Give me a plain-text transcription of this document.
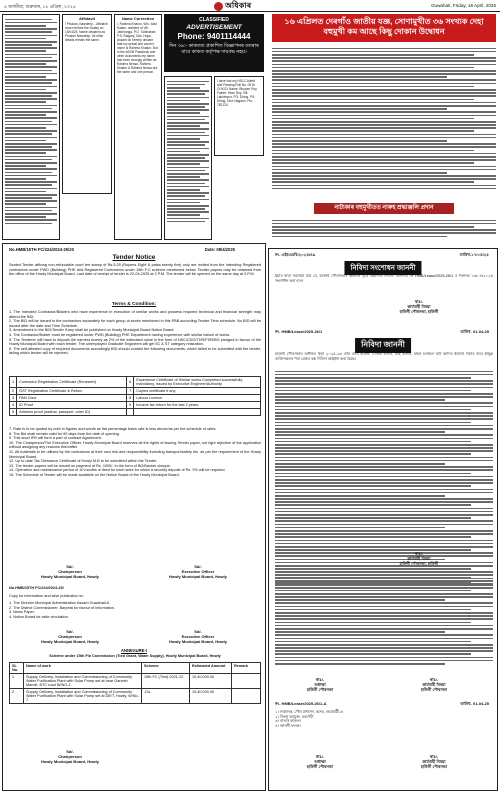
৪ অসমীয়া, শুক্ৰবাৰ, ১৮ এপ্ৰিল, ২০২৫	অধিকাৰ	Guwahati, Friday, 18 April, 2025
Affidavit
I Phukan, Nawdeep... Affidavit sworn before the Notary on 15/04/25. Name declared as Phukan Nawdeep. All other details remain the same.
Name Correction
I, Rahima Khatun, W/o. Abul Kalam, resident of Vill- Jarbhanga, P.O. Tolbhabari, P.S. Raiganj, Dist. Hojai, Assam do hereby declare that my actual and correct name is Rahima Khatun, But in the ADVB Passbook and other documents my name has been wrongly written as Rahima Nessa. Rahima Khatun & Rahima Nessa are the same and one person.
CLASSIFIED
ADVERTISEMENT
Phone: 9401114444
দিন ৩৯:- কাকতত প্ৰকাশিত বিজ্ঞাপনৰ বতৰাৰ বাবে কাকত কৰ্তৃপক্ষ দায়বদ্ধ নহয়।
I have lost my HSLC Admit and Passing Roll No. 0916 CHX/21 Name: Bhupen Roy. Father: Moni Roy. Vill: Lakhimpur. PO: Dhing. PS: Dhing. Dist: Nagaon. Pin: 782124
১৬ এপ্ৰিলত দেৰগাঁও জাতীয় যজ্ঞ, সোণামুখীত ৩৬ সংখ্যক দেহা বহুমুখী কম আছে কিছু দোকান উদ্বোধন
নাট্যকাৰ বহুমুখীতত নাৰুহ শ্ৰদ্ধাঞ্জলি প্ৰদান
No.HMB/15TH FC/224/2024-25/20	Date: 08/4/2025
Tender Notice
Sealed Tender affixing non-refundable court fee stamp of Rs.5.25 (Rupees Eight & paisa twenty five) only are invited from the Intending Registered contractors under PWD (Building) PHE and Registered Contractors under 15th F.C scheme mentioned below. Tender papers may be obtained from the office of the Howly Municipal Board. Last date of receipt of tender is 22-04-2025 at 2 P.M. The tender will be opened on the same day at 3 P.M.
Terms & Condition:
1. The Intended Contractor/Bidders who have experience in execution of similar works and possess required technical and financial strength may attend the BID.
2. The BID will be issued to the contractors separately for each group of works mentioned in this PBB according Tender Time schedule. No BID will be issued after the date and Time Schedule.
3. Amendment in the BID/Tender if any shall be published on Howly Municipal Board Notice Board.
4. The Contractor/Bidder must be registered under PWD (Building) PHE Department having experience with similar nature of works.
5. The Tenderer will have to deposit the earnest money as 2% of the estimated value in the form of NSC/CDO/TDR/FDR/BG pledged in favour of the Howly Municipal Board with each tender. The unemployed Graduate Engineers will get 5C & ST category relaxation.
6. The self-attested copy of required documents accordingly BID should contain the following documents, which failed to be submitted with the tender, failing which tender will be rejected.
1	Contractor Registration Certificate (Renewed)	6	Experience Certificate of Similar works Completed successfully, mandatory, issued by Executive Engineer/Authority
2	GST Registration Certificate & Return	7	Copies certificate if any
3	PAN Card	8	Labour Licence
4	ID Proof	9	Income tax return for the last 2 years.
5	Address proof (aadhar, passport, voter ID)		
7. Rate is to be quoted by both in figures and words as flat percentage basis rate is less above/as per the schedule of rates.
8. The Bid shall remain valid for 90 days from the date of opening.
9. This short IFB will form a part of contract Agreement.
10. The Chairperson/The Executive Officer, Howly Municipal Board reserves all the rights of issuing Tender paper, out right rejection of the application without assigning any reasons thereafter.
11. All materials to be utilized by the contractors at their own risk and responsibility including transport/safety etc. as per the requirement of the Howly Municipal Board.
12. Up to date Tax Clearance Certificate of Howly M.B to be submitted within the Tender.
13. The tender papers will be issued on payment of Rs. 1000/- in the form of BD/Banker cheque.
14. Operation and maintenance period of 10 months is fixed for each work for which a security deposit of Rs. 2% will be required.
15. The Schedule of Tender will be made available on the Notice Board of the Howly Municipal Board.
Sd/-
Chairperson
Howly Municipal Board, Howly
Sd/-
Executive Officer
Howly Municipal Board, Howly
No.HMB/15TH FC/224/2024-25/
Copy for information and wise publication to-
1. The Director Municipal Administration Assam Guwahati-6.
2. The District Commissioner, Barpeta for favour of information.
3. News Paper.
4. Notice Board for wide circulation.
Sd/-
Chairperson
Howly Municipal Board, Howly
Sd/-
Executive Officer
Howly Municipal Board, Howly
ANNEXURE-I
Scheme under 15th Fin Commission (Tied Grant, Water Supply), Howly Municipal Board, Howly
SL No.	Name of work	Scheme	Estimated Amount	Remark
1	Supply, Delivery, Installation and Commissioning of Community Water Purification Plant with Solar Pump set at near Ganesh Mandir, BTC road W/NO-2.	15th FC (Tied) 2021-22	10,40,000.00	
2	Supply, Delivery, Installation and Commissioning of Community Water Purification Plant with Solar Pump set at DIET, Howly, W/No-7.	-Do-	10,40,000.00	
Sd/-
Chairperson
Howly Municipal Board, Howly
নং- এইচএমবি/২০২৪/৪৯	তাৰিখ-১৭/০৪/২৫
নিবিদা সংশোধন জাননী
ইয়াৰ দ্বাৰা জনোৱা যায় যে, হাউলী পৌৰসভাৰ অন্তৰ্গত পূৰ্বে প্ৰকাশিত নিবিদা জাননীৰ নং HMB/Lease/2025-26/1 ৰ দিনাংক ১৬/০৪/২০২৫ সংশোধন কৰা হ'ল।
স্বাঃ/-
কাৰ্যবাহী বিষয়া
হাউলী পৌৰসভা, হাউলী
নং- HMB/Lease/2025-26/1	তাৰিখ- 01-04-25
নিবিদা জাননী
হাউলী পৌৰসভাৰ অধীনত থকা ২০২৫-২৬ বৰ্ষৰ বাবে হাউলী দৈনিক বজাৰ, মাছ বজাৰ, বাহন চলাচল ঘাট আদিৰ ইজাৰা দিয়াৰ বাবে ইচ্ছুক ব্যক্তিসকলৰ পৰা মোহৰ বন্ধ নিবিদা আহ্বান কৰা হৈছে।
স্বাঃ/-
কাৰ্যবাহী বিষয়া
হাউলী পৌৰসভা, হাউলী
স্বাঃ/-
অধ্যক্ষা
হাউলী পৌৰসভা
স্বাঃ/-
কাৰ্যবাহী বিষয়া
হাউলী পৌৰসভা
নং- HMB/Lease/2025-26/1-A	তাৰিখ- 01-04-25
১। সঞ্চালক, পৌৰ প্ৰশাসন, অসম, গুৱাহাটী-৬
২। জিলা আয়ুক্ত, বৰপেটা
৩। বাতৰি কাকত।
৪। জাননী ফলক।
স্বাঃ/-
অধ্যক্ষা
হাউলী পৌৰসভা
স্বাঃ/-
কাৰ্যবাহী বিষয়া
হাউলী পৌৰসভা
